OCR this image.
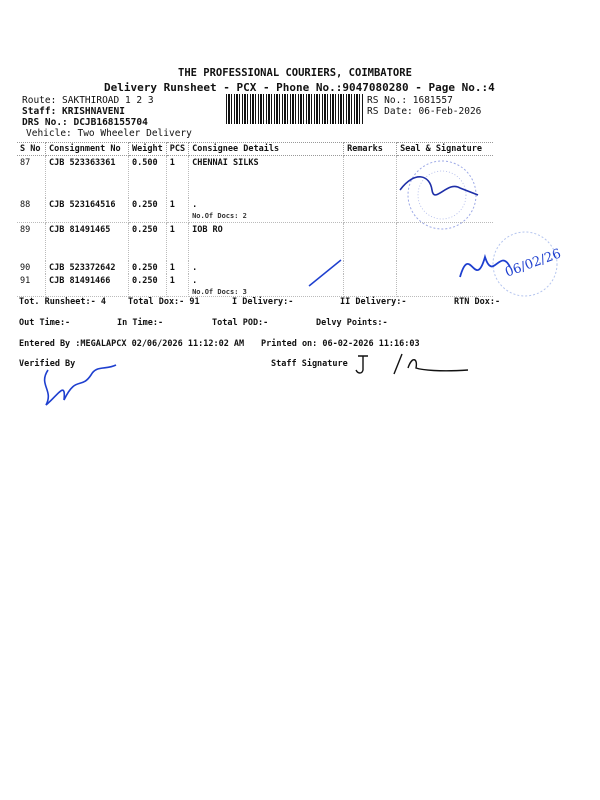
THE PROFESSIONAL COURIERS, COIMBATORE
Delivery Runsheet - PCX - Phone No.:9047080280 - Page No.:4
Route: SAKTHIROAD 1 2 3
Staff: KRISHNAVENI
DRS No.: DCJB168155704
Vehicle: Two Wheeler Delivery
RS No.: 1681557
RS Date: 06-Feb-2026
S No	Consignment No	Weight	PCS	Consignee Details	Remarks	Seal & Signature
87	CJB 523363361	0.500	1	CHENNAI SILKS		
88	CJB 523164516	0.250	1	.
No.Of Docs: 2		

89	CJB 81491465	0.250	1	IOB RO		
90	CJB 523372642	0.250	1	.		
91	CJB 81491466	0.250	1	.
No.Of Docs: 3		

Tot. Runsheet:- 4	Total Dox:- 91	I Delivery:-	II Delivery:-	RTN Dox:-
Out Time:-	In Time:-	Total POD:-	Delvy Points:-
Entered By :MEGALAPCX 02/06/2026 11:12:02 AM Printed on: 06-02-2026 11:16:03
Verified By	Staff Signature
06/02/26
